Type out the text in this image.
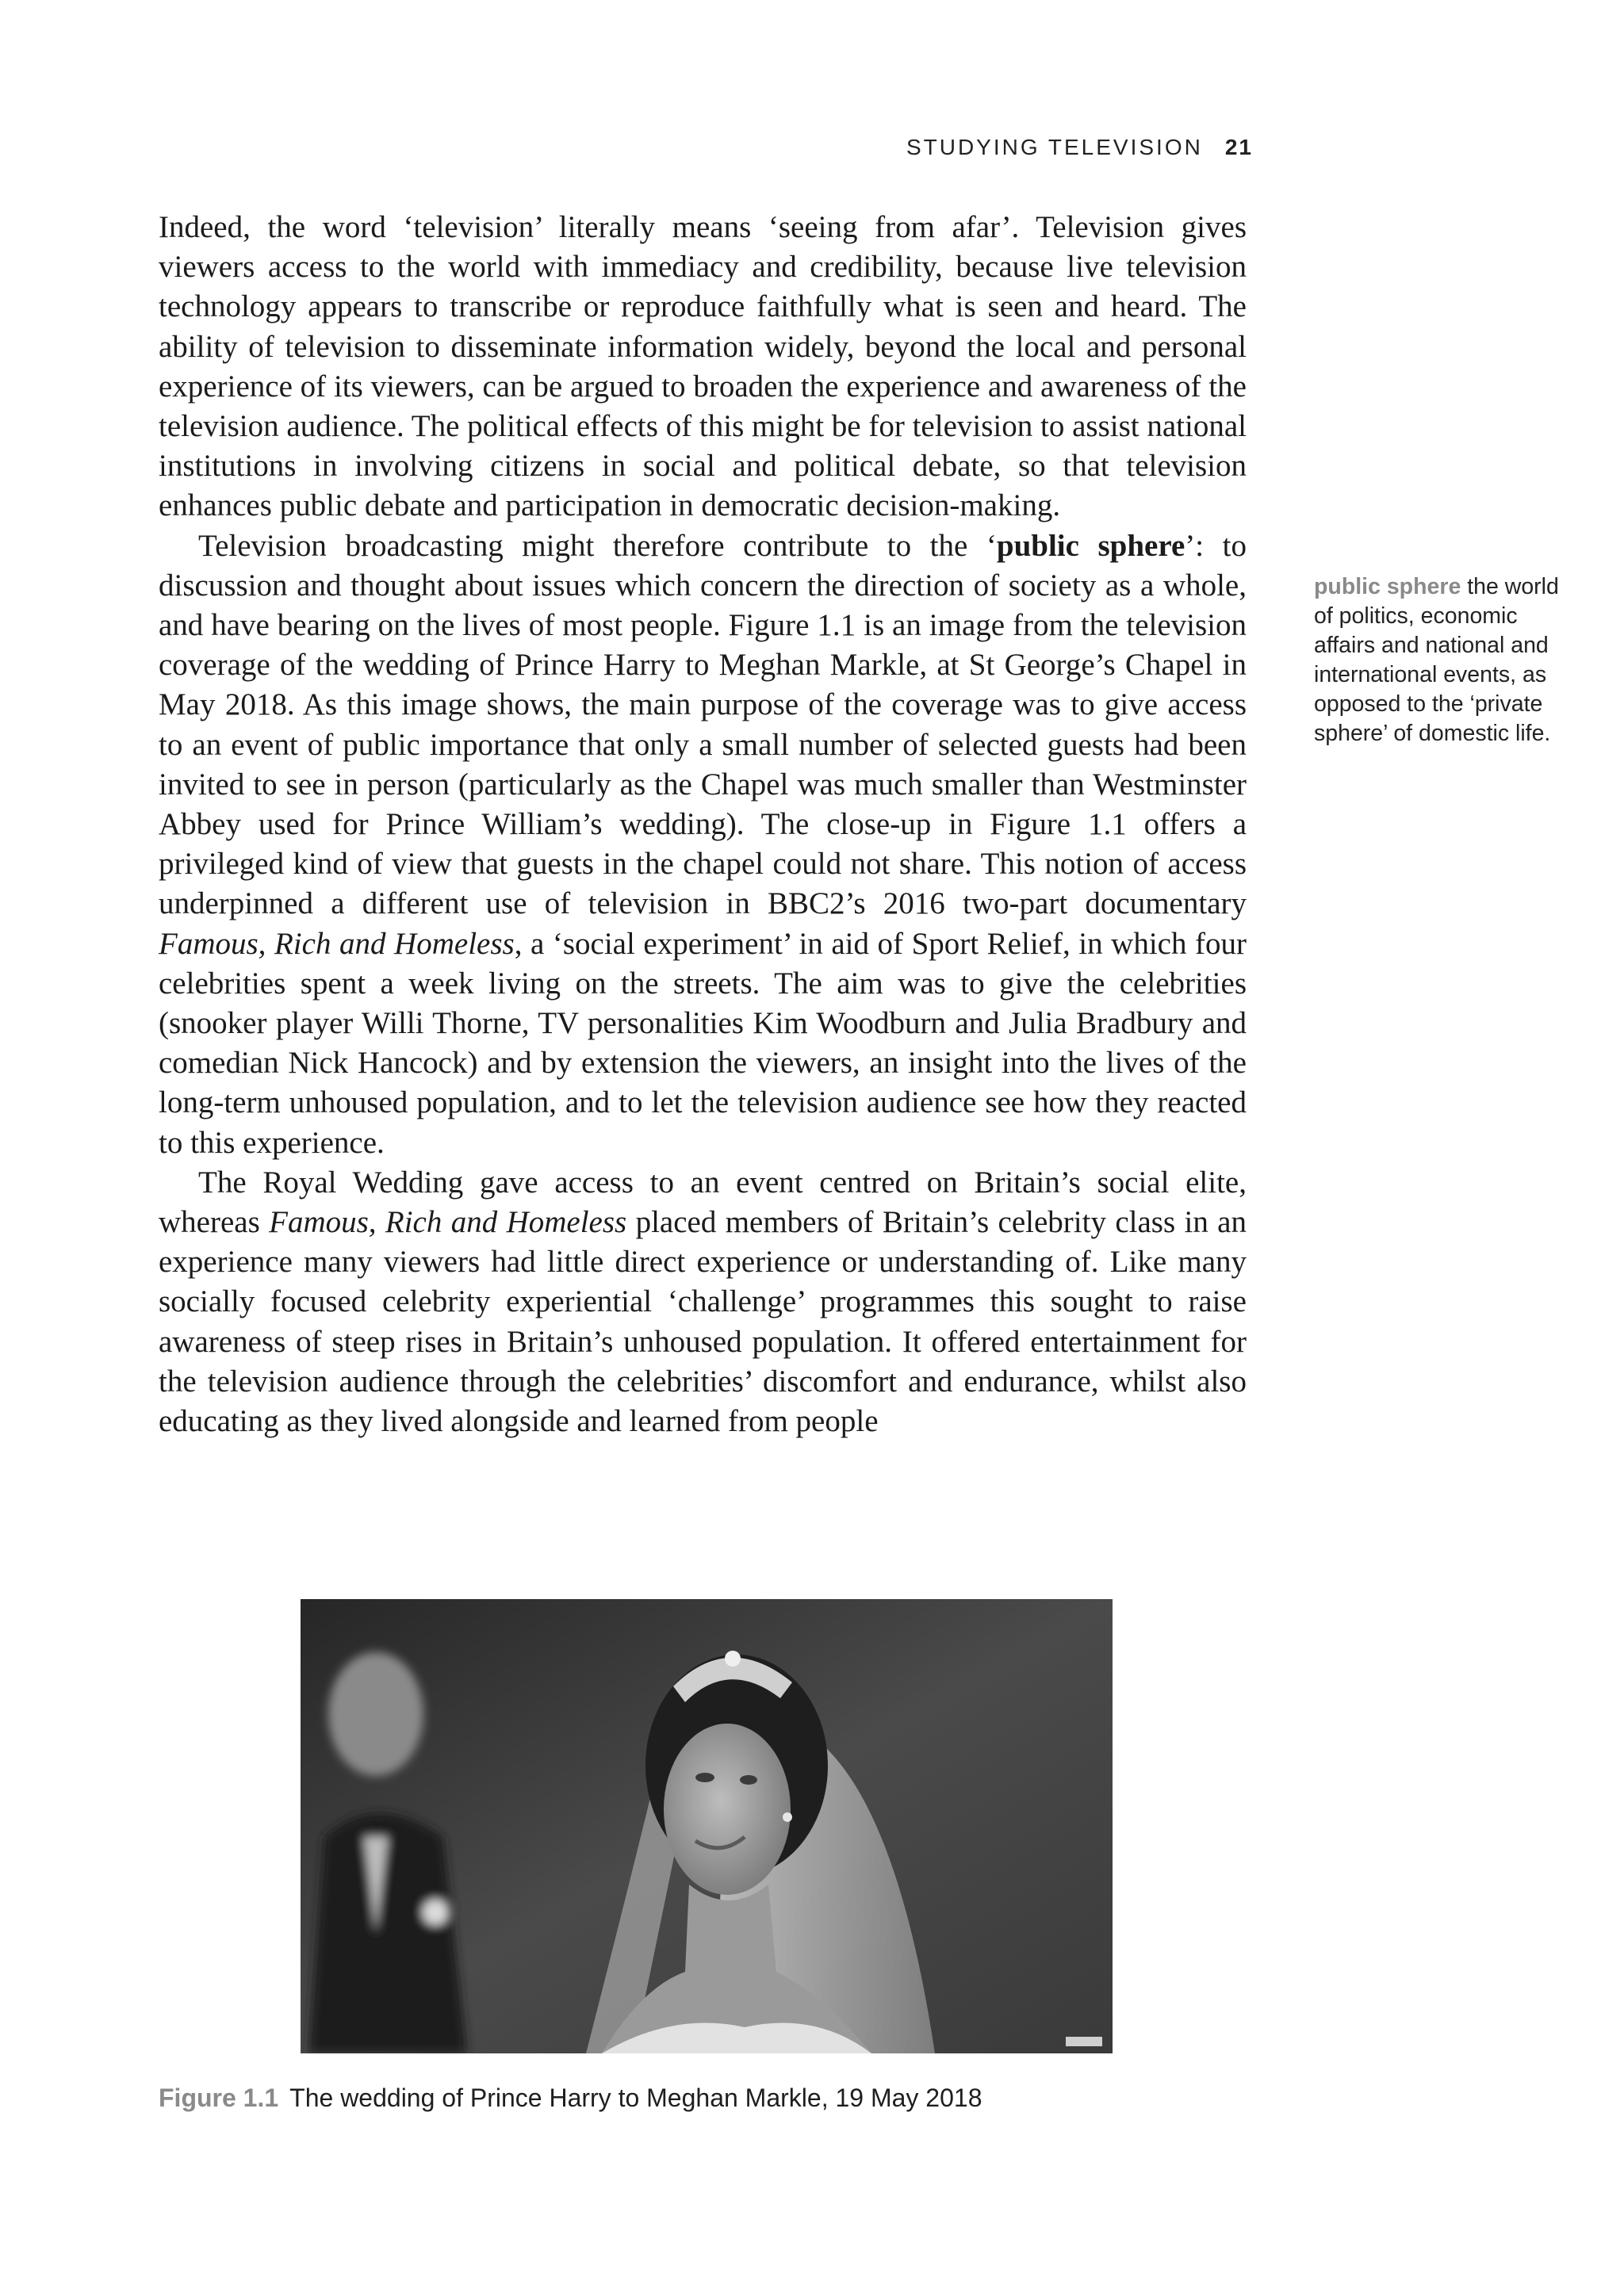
STUDYING TELEVISION 21

Indeed, the word ‘television’ literally means ‘seeing from afar’. Television gives viewers access to the world with immediacy and credibility, because live television technology appears to transcribe or reproduce faithfully what is seen and heard. The ability of television to disseminate information widely, beyond the local and personal experience of its viewers, can be argued to broaden the experience and awareness of the television audience. The political effects of this might be for television to assist national institutions in involving citizens in social and political debate, so that television enhances public debate and participation in democratic decision-making.

Television broadcasting might therefore contribute to the ‘public sphere’: to discussion and thought about issues which concern the direction of society as a whole, and have bearing on the lives of most people. Figure 1.1 is an image from the television coverage of the wedding of Prince Harry to Meghan Markle, at St George’s Chapel in May 2018. As this image shows, the main purpose of the coverage was to give access to an event of public importance that only a small number of selected guests had been invited to see in person (particularly as the Chapel was much smaller than Westminster Abbey used for Prince William’s wedding). The close-up in Figure 1.1 offers a privileged kind of view that guests in the chapel could not share. This notion of access underpinned a different use of television in BBC2’s 2016 two-part documentary Famous, Rich and Homeless, a ‘social experiment’ in aid of Sport Relief, in which four celebrities spent a week living on the streets. The aim was to give the celebrities (snooker player Willi Thorne, TV personalities Kim Woodburn and Julia Bradbury and comedian Nick Hancock) and by extension the viewers, an insight into the lives of the long-term unhoused population, and to let the television audience see how they reacted to this experience.

The Royal Wedding gave access to an event centred on Britain’s social elite, whereas Famous, Rich and Homeless placed members of Britain’s celebrity class in an experience many viewers had little direct experience or understanding of. Like many socially focused celebrity experiential ‘challenge’ programmes this sought to raise awareness of steep rises in Britain’s unhoused population. It offered entertainment for the television audience through the celebrities’ discomfort and endurance, whilst also educating as they lived alongside and learned from people

public sphere the world of politics, economic affairs and national and international events, as opposed to the ‘private sphere’ of domestic life.
Figure 1.1 The wedding of Prince Harry to Meghan Markle, 19 May 2018
